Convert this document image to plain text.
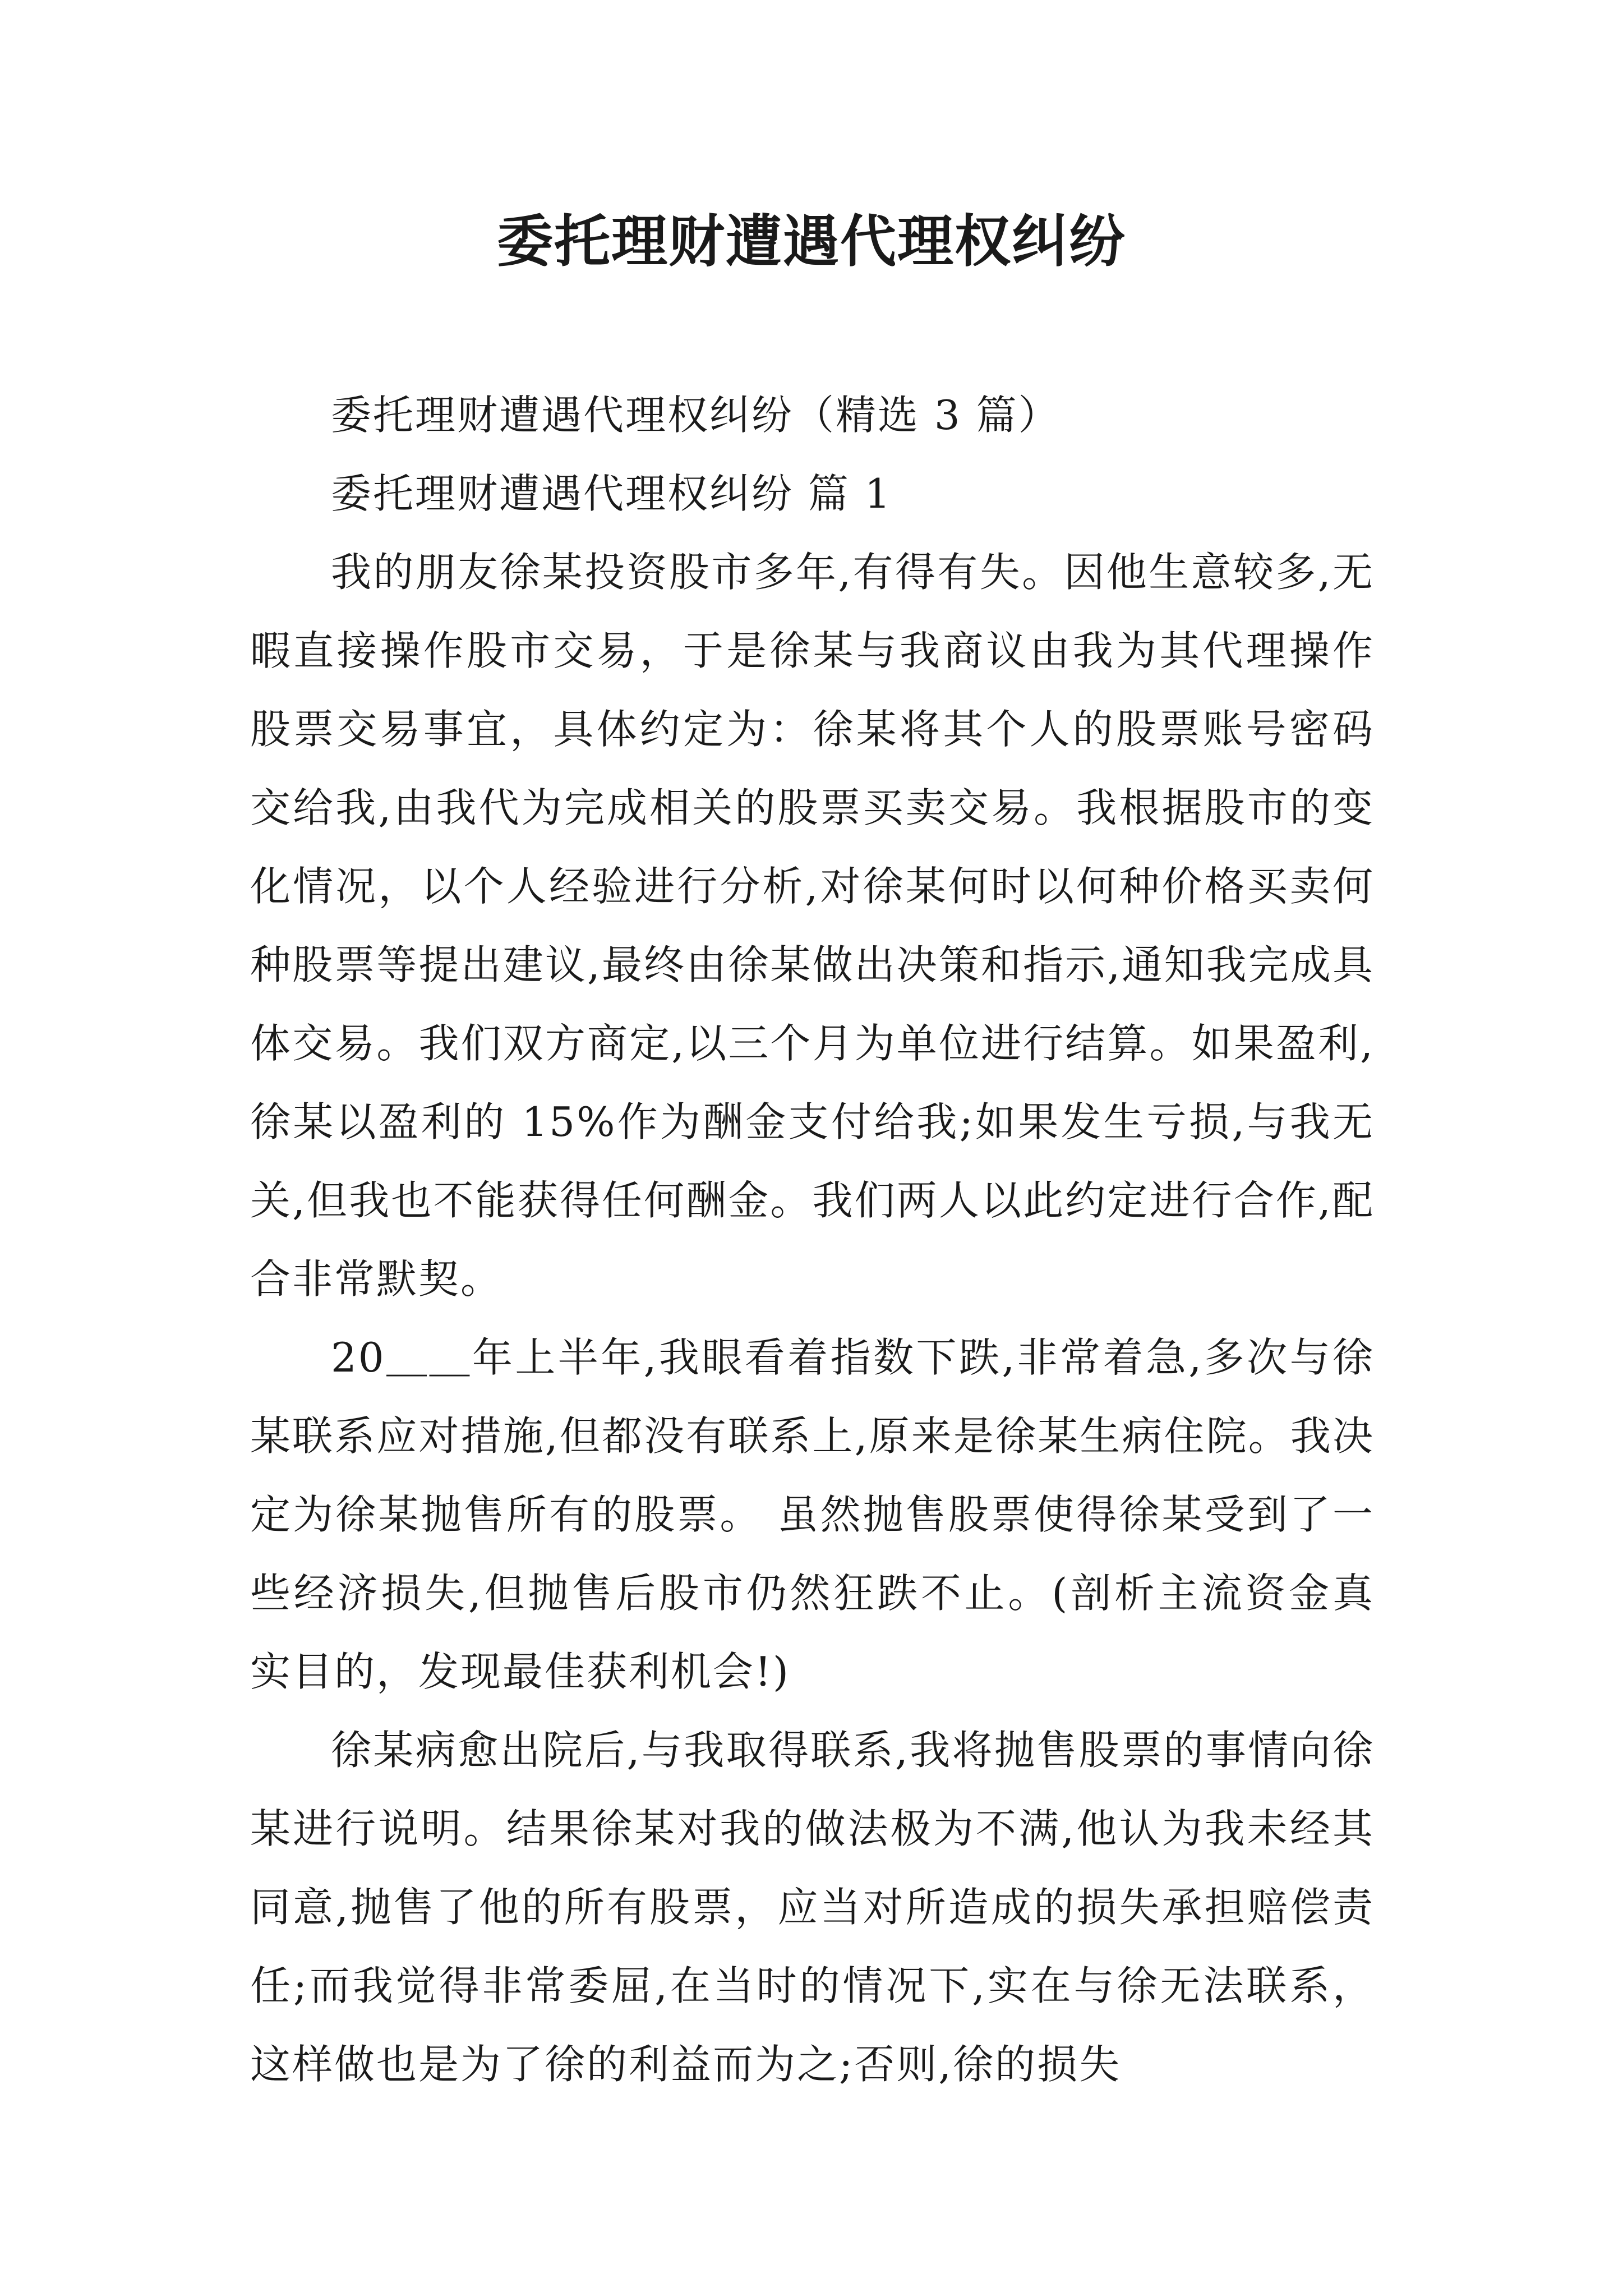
委托理财遭遇代理权纠纷

委托理财遭遇代理权纠纷（精选 3 篇）

委托理财遭遇代理权纠纷 篇 1

我的朋友徐某投资股市多年,有得有失。因他生意较多,无暇直接操作股市交易，于是徐某与我商议由我为其代理操作股票交易事宜，具体约定为：徐某将其个人的股票账号密码交给我,由我代为完成相关的股票买卖交易。我根据股市的变化情况，以个人经验进行分析,对徐某何时以何种价格买卖何种股票等提出建议,最终由徐某做出决策和指示,通知我完成具体交易。我们双方商定,以三个月为单位进行结算。如果盈利,徐某以盈利的 15%作为酬金支付给我;如果发生亏损,与我无关,但我也不能获得任何酬金。我们两人以此约定进行合作,配合非常默契。

20＿＿年上半年,我眼看着指数下跌,非常着急,多次与徐某联系应对措施,但都没有联系上,原来是徐某生病住院。我决定为徐某抛售所有的股票。 虽然抛售股票使得徐某受到了一些经济损失,但抛售后股市仍然狂跌不止。(剖析主流资金真实目的，发现最佳获利机会!)

徐某病愈出院后,与我取得联系,我将抛售股票的事情向徐某进行说明。结果徐某对我的做法极为不满,他认为我未经其同意,抛售了他的所有股票，应当对所造成的损失承担赔偿责任;而我觉得非常委屈,在当时的情况下,实在与徐无法联系，这样做也是为了徐的利益而为之;否则,徐的损失
